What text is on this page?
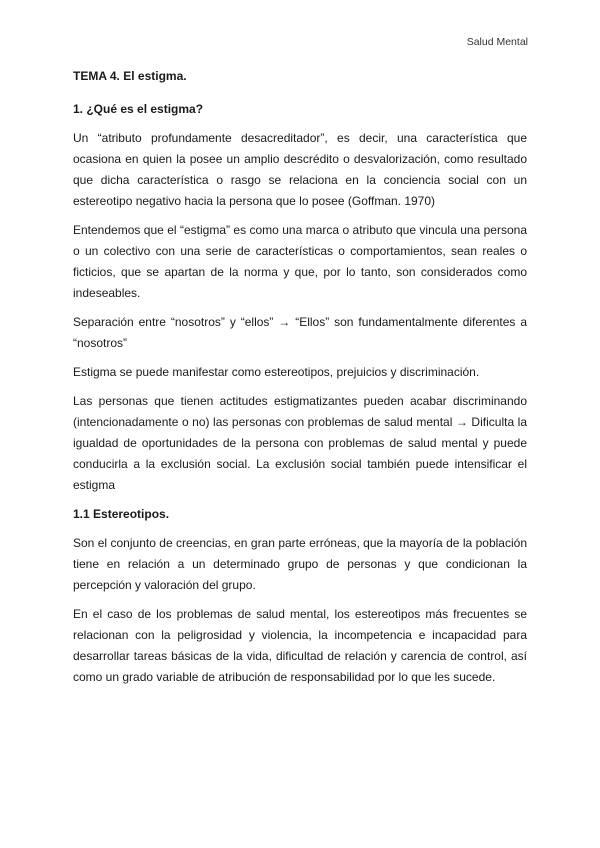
Salud Mental
TEMA 4. El estigma.
1. ¿Qué es el estigma?

Un “atributo profundamente desacreditador”, es decir, una característica que ocasiona en quien la posee un amplio descrédito o desvalorización, como resultado que dicha característica o rasgo se relaciona en la conciencia social con un estereotipo negativo hacia la persona que lo posee (Goffman. 1970)

Entendemos que el “estigma” es como una marca o atributo que vincula una persona o un colectivo con una serie de características o comportamientos, sean reales o ficticios, que se apartan de la norma y que, por lo tanto, son considerados como indeseables.

Separación entre “nosotros” y “ellos” → “Ellos” son fundamentalmente diferentes a “nosotros”

Estigma se puede manifestar como estereotipos, prejuicios y discriminación.

Las personas que tienen actitudes estigmatizantes pueden acabar discriminando (intencionadamente o no) las personas con problemas de salud mental → Dificulta la igualdad de oportunidades de la persona con problemas de salud mental y puede conducirla a la exclusión social. La exclusión social también puede intensificar el estigma

1.1 Estereotipos.

Son el conjunto de creencias, en gran parte erróneas, que la mayoría de la población tiene en relación a un determinado grupo de personas y que condicionan la percepción y valoración del grupo.

En el caso de los problemas de salud mental, los estereotipos más frecuentes se relacionan con la peligrosidad y violencia, la incompetencia e incapacidad para desarrollar tareas básicas de la vida, dificultad de relación y carencia de control, así como un grado variable de atribución de responsabilidad por lo que les sucede.
